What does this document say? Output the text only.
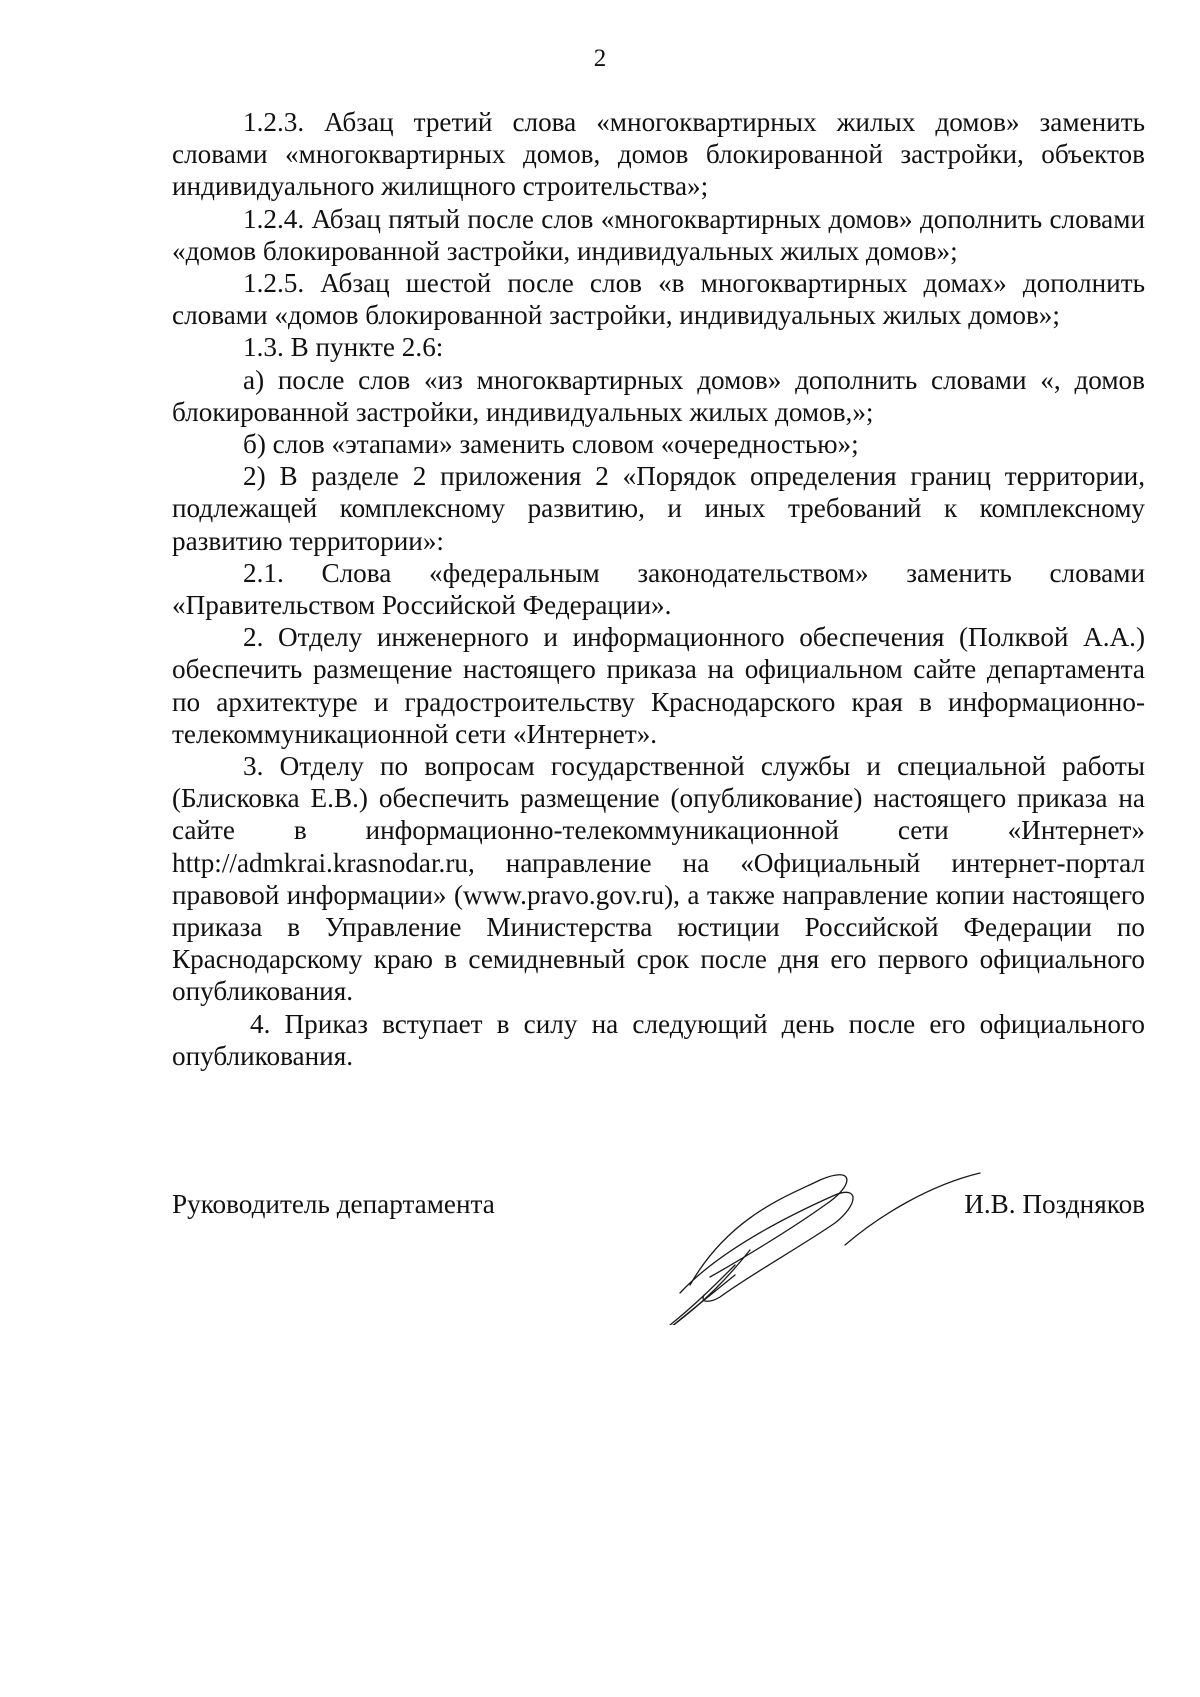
2

1.2.3. Абзац третий слова «многоквартирных жилых домов» заменить словами «многоквартирных домов, домов блокированной застройки, объектов индивидуального жилищного строительства»;

1.2.4. Абзац пятый после слов «многоквартирных домов» дополнить словами «домов блокированной застройки, индивидуальных жилых домов»;

1.2.5. Абзац шестой после слов «в многоквартирных домах» дополнить словами «домов блокированной застройки, индивидуальных жилых домов»;

1.3. В пункте 2.6:

а) после слов «из многоквартирных домов» дополнить словами «, домов блокированной застройки, индивидуальных жилых домов,»;

б) слов «этапами» заменить словом «очередностью»;

2) В разделе 2 приложения 2 «Порядок определения границ территории, подлежащей комплексному развитию, и иных требований к комплексному развитию территории»:

2.1. Слова «федеральным законодательством» заменить словами «Правительством Российской Федерации».

2. Отделу инженерного и информационного обеспечения (Полквой А.А.) обеспечить размещение настоящего приказа на официальном сайте департамента по архитектуре и градостроительству Краснодарского края в информационно-телекоммуникационной сети «Интернет».

3. Отделу по вопросам государственной службы и специальной работы (Блисковка Е.В.) обеспечить размещение (опубликование) настоящего приказа на сайте в информационно-телекоммуникационной сети «Интернет» http://admkrai.krasnodar.ru, направление на «Официальный интернет-портал правовой информации» (www.pravo.gov.ru), а также направление копии настоящего приказа в Управление Министерства юстиции Российской Федерации по Краснодарскому краю в семидневный срок после дня его первого официального опубликования.

4. Приказ вступает в силу на следующий день после его официального опубликования.

Руководитель департамента	И.В. Поздняков
